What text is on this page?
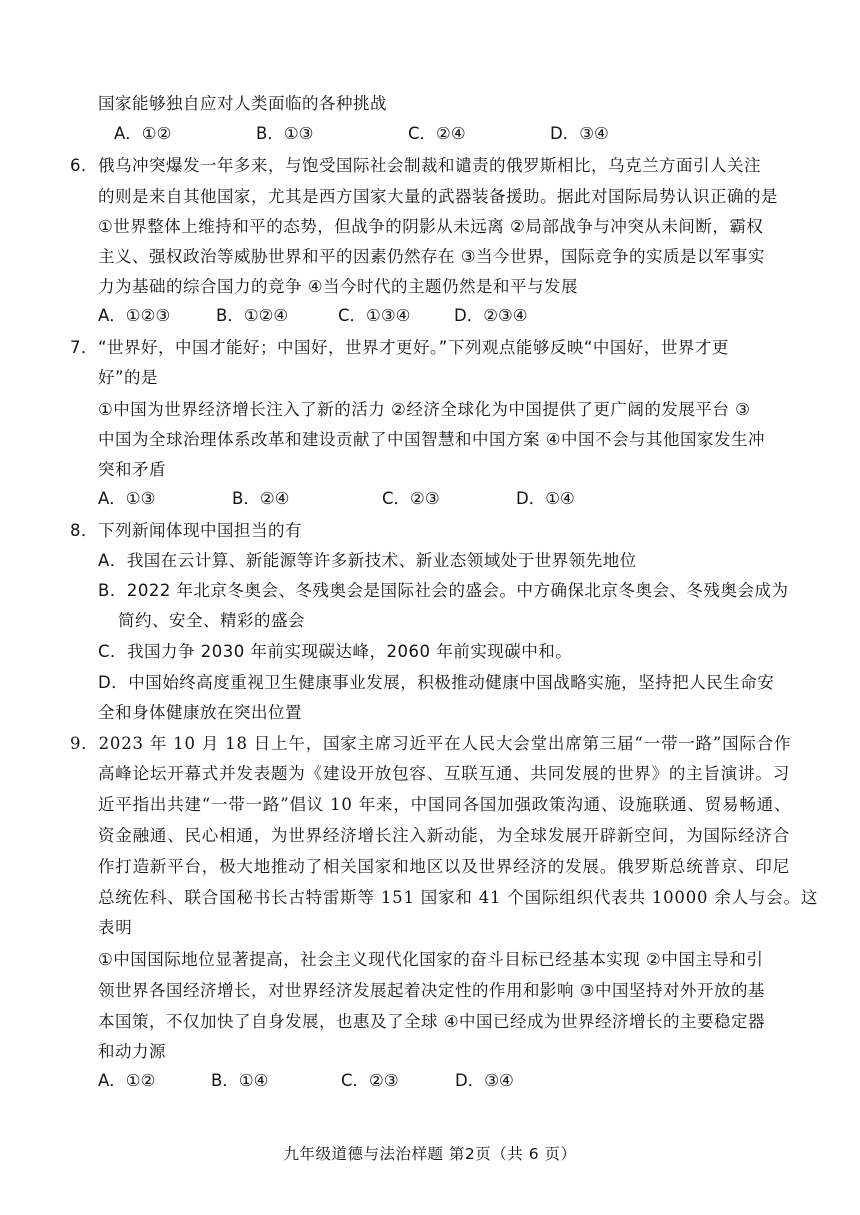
国家能够独自应对人类面临的各种挑战
A．①②	B．①③	C．②④	D．③④
6．俄乌冲突爆发一年多来，与饱受国际社会制裁和谴责的俄罗斯相比，乌克兰方面引人关注
的则是来自其他国家，尤其是西方国家大量的武器装备援助。据此对国际局势认识正确的是
①世界整体上维持和平的态势，但战争的阴影从未远离 ②局部战争与冲突从未间断，霸权
主义、强权政治等威胁世界和平的因素仍然存在 ③当今世界，国际竞争的实质是以军事实
力为基础的综合国力的竞争 ④当今时代的主题仍然是和平与发展
A．①②③	B．①②④	C．①③④	D．②③④
7．“世界好，中国才能好；中国好，世界才更好。”下列观点能够反映“中国好，世界才更
好”的是
①中国为世界经济增长注入了新的活力 ②经济全球化为中国提供了更广阔的发展平台 ③
中国为全球治理体系改革和建设贡献了中国智慧和中国方案 ④中国不会与其他国家发生冲
突和矛盾
A．①③	B．②④	C．②③	D．①④
8．下列新闻体现中国担当的有
A．我国在云计算、新能源等许多新技术、新业态领域处于世界领先地位
B．2022 年北京冬奥会、冬残奥会是国际社会的盛会。中方确保北京冬奥会、冬残奥会成为
简约、安全、精彩的盛会
C．我国力争 2030 年前实现碳达峰，2060 年前实现碳中和。
D．中国始终高度重视卫生健康事业发展，积极推动健康中国战略实施，坚持把人民生命安
全和身体健康放在突出位置
9．2023 年 10 月 18 日上午，国家主席习近平在人民大会堂出席第三届“一带一路”国际合作
高峰论坛开幕式并发表题为《建设开放包容、互联互通、共同发展的世界》的主旨演讲。习
近平指出共建“一带一路”倡议 10 年来，中国同各国加强政策沟通、设施联通、贸易畅通、
资金融通、民心相通，为世界经济增长注入新动能，为全球发展开辟新空间，为国际经济合
作打造新平台，极大地推动了相关国家和地区以及世界经济的发展。俄罗斯总统普京、印尼
总统佐科、联合国秘书长古特雷斯等 151 国家和 41 个国际组织代表共 10000 余人与会。这
表明
①中国国际地位显著提高，社会主义现代化国家的奋斗目标已经基本实现 ②中国主导和引
领世界各国经济增长，对世界经济发展起着决定性的作用和影响 ③中国坚持对外开放的基
本国策，不仅加快了自身发展，也惠及了全球 ④中国已经成为世界经济增长的主要稳定器
和动力源
A．①②	B．①④	C．②③	D．③④
九年级道德与法治样题 第2页（共 6 页）
